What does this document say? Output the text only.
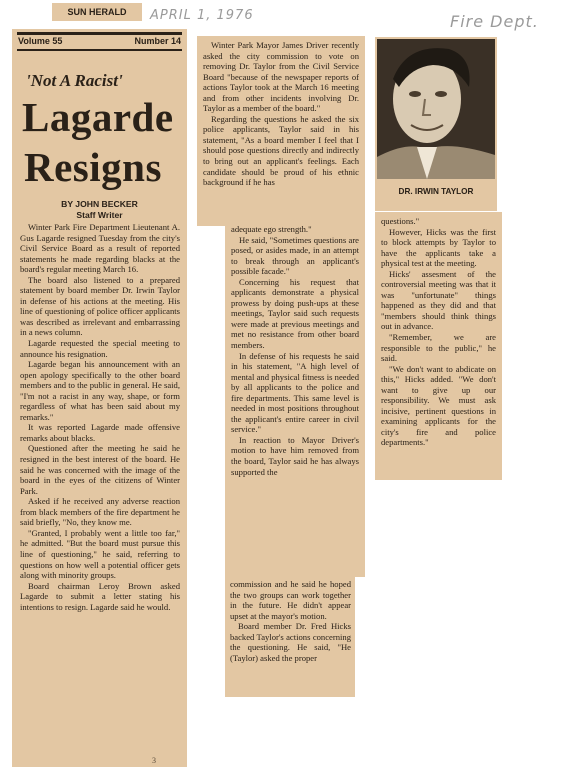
APRIL 1, 1976	Fire Dept.
SUN HERALD
Volume 55	Number 14
'Not A Racist'
Lagarde
Resigns
BY JOHN BECKER
Staff Writer

Winter Park Fire Department Lieutenant A. Gus Lagarde resigned Tuesday from the city's Civil Service Board as a result of reported statements he made regarding blacks at the board's regular meeting March 16.

The board also listened to a prepared statement by board member Dr. Irwin Taylor in defense of his actions at the meeting. His line of questioning of police officer applicants was described as irrelevant and embarrassing in a news column.

Lagarde requested the special meeting to announce his resignation.

Lagarde began his announcement with an open apology specifically to the other board members and to the public in general. He said, "I'm not a racist in any way, shape, or form regardless of what has been said about my remarks."

It was reported Lagarde made offensive remarks about blacks.

Questioned after the meeting he said he resigned in the best interest of the board. He said he was concerned with the image of the board in the eyes of the citizens of Winter Park.

Asked if he received any adverse reaction from black members of the fire department he said briefly, "No, they know me.

"Granted, I probably went a little too far," he admitted. "But the board must pursue this line of questioning," he said, referring to questions on how well a potential officer gets along with minority groups.

Board chairman Leroy Brown asked Lagarde to submit a letter stating his intentions to resign. Lagarde said he would.

3

Winter Park Mayor James Driver recently asked the city commission to vote on removing Dr. Taylor from the Civil Service Board "because of the newspaper reports of actions Taylor took at the March 16 meeting and from other incidents involving Dr. Taylor as a member of the board."

Regarding the questions he asked the six police applicants, Taylor said in his statement, "As a board member I feel that I should pose questions directly and indirectly to bring out an applicant's feelings. Each candidate should be proud of his ethnic background if he has

adequate ego strength."

He said, "Sometimes questions are posed, or asides made, in an attempt to break through an applicant's possible facade."

Concerning his request that applicants demonstrate a physical prowess by doing push-ups at these meetings, Taylor said such requests were made at previous meetings and met no resistance from other board members.

In defense of his requests he said in his statement, "A high level of mental and physical fitness is needed by all applicants to the police and fire departments. This same level is needed in most positions throughout the applicant's entire career in civil service."

In reaction to Mayor Driver's motion to have him removed from the board, Taylor said he has always supported the

commission and he said he hoped the two groups can work together in the future. He didn't appear upset at the mayor's motion.

Board member Dr. Fred Hicks backed Taylor's actions concerning the questioning. He said, "He (Taylor) asked the proper

DR. IRWIN TAYLOR

questions."

However, Hicks was the first to block attempts by Taylor to have the applicants take a physical test at the meeting.

Hicks' assesment of the controversial meeting was that it was "unfortunate" things happened as they did and that "members should think things out in advance.

"Remember, we are responsible to the public," he said.

"We don't want to abdicate on this," Hicks added. "We don't want to give up our responsibility. We must ask incisive, pertinent questions in examining applicants for the city's fire and police departments."
